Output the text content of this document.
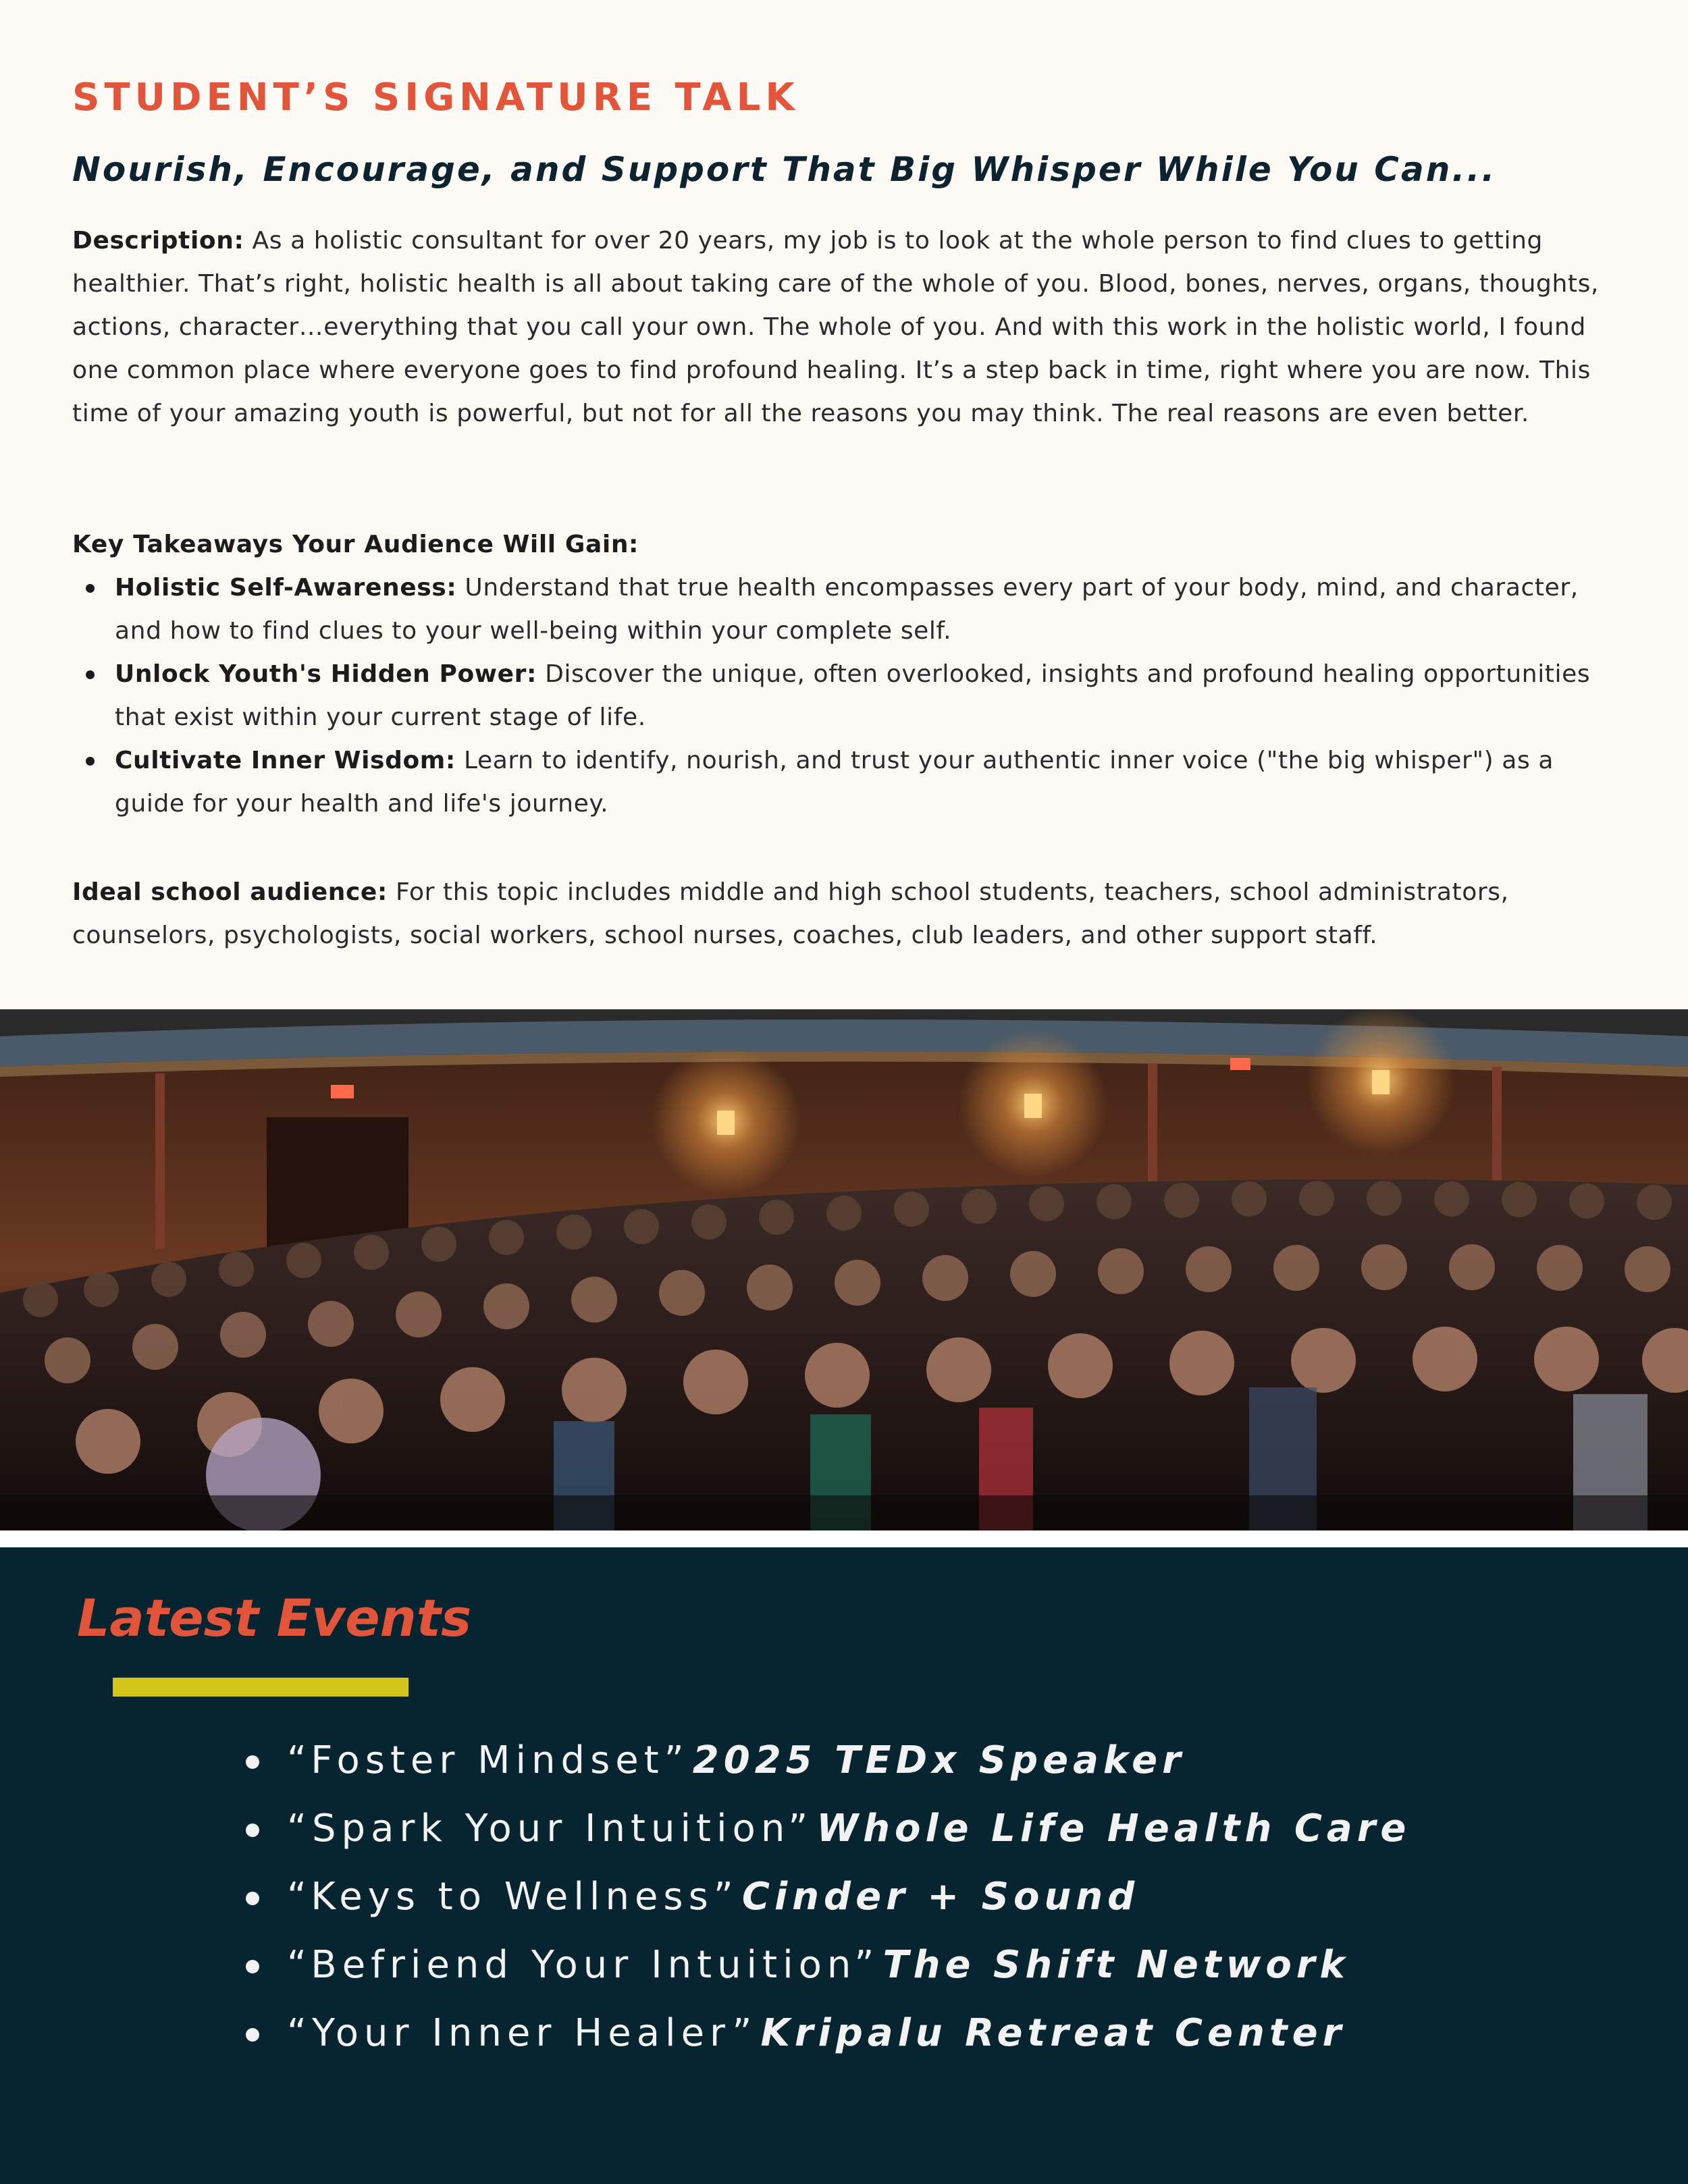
STUDENT’S SIGNATURE TALK
Nourish, Encourage, and Support That Big Whisper While You Can...

Description: As a holistic consultant for over 20 years, my job is to look at the whole person to find clues to getting healthier. That’s right, holistic health is all about taking care of the whole of you. Blood, bones, nerves, organs, thoughts, actions, character…everything that you call your own. The whole of you. And with this work in the holistic world, I found one common place where everyone goes to find profound healing. It’s a step back in time, right where you are now. This time of your amazing youth is powerful, but not for all the reasons you may think. The real reasons are even better.

Key Takeaways Your Audience Will Gain:

Holistic Self-Awareness: Understand that true health encompasses every part of your body, mind, and character, and how to find clues to your well-being within your complete self.
Unlock Youth's Hidden Power: Discover the unique, often overlooked, insights and profound healing opportunities that exist within your current stage of life.
Cultivate Inner Wisdom: Learn to identify, nourish, and trust your authentic inner voice ("the big whisper") as a guide for your health and life's journey.

Ideal school audience: For this topic includes middle and high school students, teachers, school administrators, counselors, psychologists, social workers, school nurses, coaches, club leaders, and other support staff.

Latest Events
“Foster Mindset” 2025 TEDx Speaker
“Spark Your Intuition” Whole Life Health Care
“Keys to Wellness” Cinder + Sound
“Befriend Your Intuition” The Shift Network
“Your Inner Healer” Kripalu Retreat Center
